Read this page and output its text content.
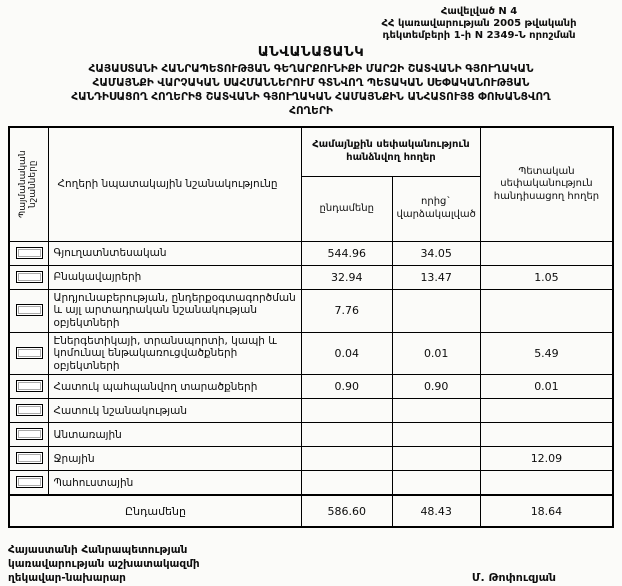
Հավելված N 4
ՀՀ կառավարության 2005 թվականի
դեկտեմբերի 1-ի N 2349-Ն որոշման
ԱՆՎԱՆԱՑԱՆԿ
ՀԱՅԱՍՏԱՆԻ ՀԱՆՐԱՊԵՏՈՒԹՅԱՆ ԳԵՂԱՐՔՈՒՆԻՔԻ ՄԱՐԶԻ ՇԱՏՎԱՆԻ ԳՅՈՒՂԱԿԱՆ
ՀԱՄԱՅՆՔԻ ՎԱՐՉԱԿԱՆ ՍԱՀՄԱՆՆԵՐՈՒՄ ԳՏՆՎՈՂ ՊԵՏԱԿԱՆ ՍԵՓԱԿԱՆՈՒԹՅԱՆ
ՀԱՆԴԻՍԱՑՈՂ ՀՈՂԵՐԻՑ ՇԱՏՎԱՆԻ ԳՅՈՒՂԱԿԱՆ ՀԱՄԱՅՆՔԻՆ ԱՆՀԱՏՈՒՅՑ ՓՈԽԱՆՑՎՈՂ
ՀՈՂԵՐԻ
Պայմանական նշանները	Հողերի նպատակային նշանակությունը	Համայնքին սեփականություն հանձնվող հողեր		Պետական սեփականություն հանդիսացող հողեր
		ընդամենը	որից` վարձակալված	
	Գյուղատնտեսական	544.96	34.05	
	Բնակավայրերի	32.94	13.47	1.05
	Արդյունաբերության, ընդերքօգտագործման և այլ արտադրական նշանակության օբյեկտների	7.76		
	Էներգետիկայի, տրանսպորտի, կապի և կոմունալ ենթակառուցվածքների օբյեկտների	0.04	0.01	5.49
	Հատուկ պահպանվող տարածքների	0.90	0.90	0.01
	Հատուկ նշանակության			
	Անտառային			
	Ջրային			12.09
	Պահուստային			
Ընդամենը		586.60	48.43	18.64
Հայաստանի Հանրապետության
կառավարության աշխատակազմի
ղեկավար-նախարար	Մ. Թոփուզյան
